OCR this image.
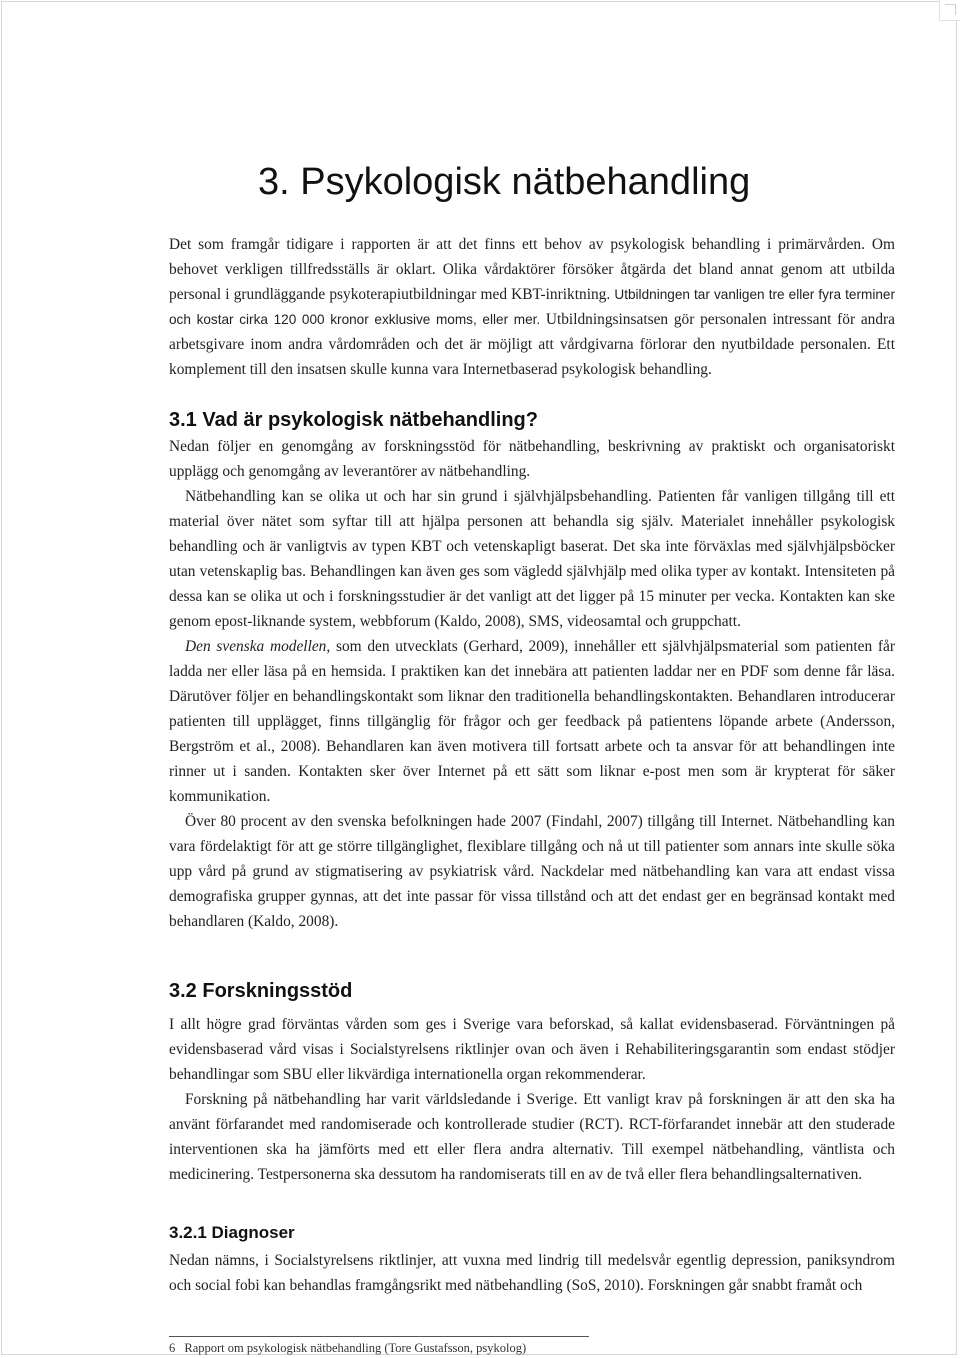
3. Psykologisk nätbehandling

Det som framgår tidigare i rapporten är att det finns ett behov av psykologisk behandling i primärvården. Om behovet verkligen tillfredsställs är oklart. Olika vårdaktörer försöker åtgärda det bland annat genom att utbilda personal i grundläggande psykoterapiutbildningar med KBT-inriktning. Utbildningen tar vanligen tre eller fyra terminer och kostar cirka 120 000 kronor exklusive moms, eller mer. Utbildningsinsatsen gör personalen intressant för andra arbetsgivare inom andra vårdområden och det är möjligt att vårdgivarna förlorar den nyutbildade personalen. Ett komplement till den insatsen skulle kunna vara Internetbaserad psykologisk behandling.

3.1 Vad är psykologisk nätbehandling?

Nedan följer en genomgång av forskningsstöd för nätbehandling, beskrivning av praktiskt och organisatoriskt upplägg och genomgång av leverantörer av nätbehandling.

Nätbehandling kan se olika ut och har sin grund i självhjälpsbehandling. Patienten får vanligen tillgång till ett material över nätet som syftar till att hjälpa personen att behandla sig själv. Materialet innehåller psykologisk behandling och är vanligtvis av typen KBT och vetenskapligt baserat. Det ska inte förväxlas med självhjälpsböcker utan vetenskaplig bas. Behandlingen kan även ges som vägledd självhjälp med olika typer av kontakt. Intensiteten på dessa kan se olika ut och i forskningsstudier är det vanligt att det ligger på 15 minuter per vecka. Kontakten kan ske genom epost-liknande system, webbforum (Kaldo, 2008), SMS, videosamtal och gruppchatt.

Den svenska modellen, som den utvecklats (Gerhard, 2009), innehåller ett självhjälpsmaterial som patienten får ladda ner eller läsa på en hemsida. I praktiken kan det innebära att patienten laddar ner en PDF som denne får läsa. Därutöver följer en behandlingskontakt som liknar den traditionella behandlingskontakten. Behandlaren introducerar patienten till upplägget, finns tillgänglig för frågor och ger feedback på patientens löpande arbete (Andersson, Bergström et al., 2008). Behandlaren kan även motivera till fortsatt arbete och ta ansvar för att behandlingen inte rinner ut i sanden. Kontakten sker över Internet på ett sätt som liknar e-post men som är krypterat för säker kommunikation.

Över 80 procent av den svenska befolkningen hade 2007 (Findahl, 2007) tillgång till Internet. Nätbehandling kan vara fördelaktigt för att ge större tillgänglighet, flexiblare tillgång och nå ut till patienter som annars inte skulle söka upp vård på grund av stigmatisering av psykiatrisk vård. Nackdelar med nätbehandling kan vara att endast vissa demografiska grupper gynnas, att det inte passar för vissa tillstånd och att det endast ger en begränsad kontakt med behandlaren (Kaldo, 2008).

3.2 Forskningsstöd

I allt högre grad förväntas vården som ges i Sverige vara beforskad, så kallat evidensbaserad. Förväntningen på evidensbaserad vård visas i Socialstyrelsens riktlinjer ovan och även i Rehabiliteringsgarantin som endast stödjer behandlingar som SBU eller likvärdiga internationella organ rekommenderar.

Forskning på nätbehandling har varit världsledande i Sverige. Ett vanligt krav på forskningen är att den ska ha använt förfarandet med randomiserade och kontrollerade studier (RCT). RCT-förfarandet innebär att den studerade interventionen ska ha jämförts med ett eller flera andra alternativ. Till exempel nätbehandling, väntlista och medicinering. Testpersonerna ska dessutom ha randomiserats till en av de två eller flera behandlingsalternativen.

3.2.1 Diagnoser

Nedan nämns, i Socialstyrelsens riktlinjer, att vuxna med lindrig till medelsvår egentlig depression, paniksyndrom och social fobi kan behandlas framgångsrikt med nätbehandling (SoS, 2010). Forskningen går snabbt framåt och

6 Rapport om psykologisk nätbehandling (Tore Gustafsson, psykolog)
